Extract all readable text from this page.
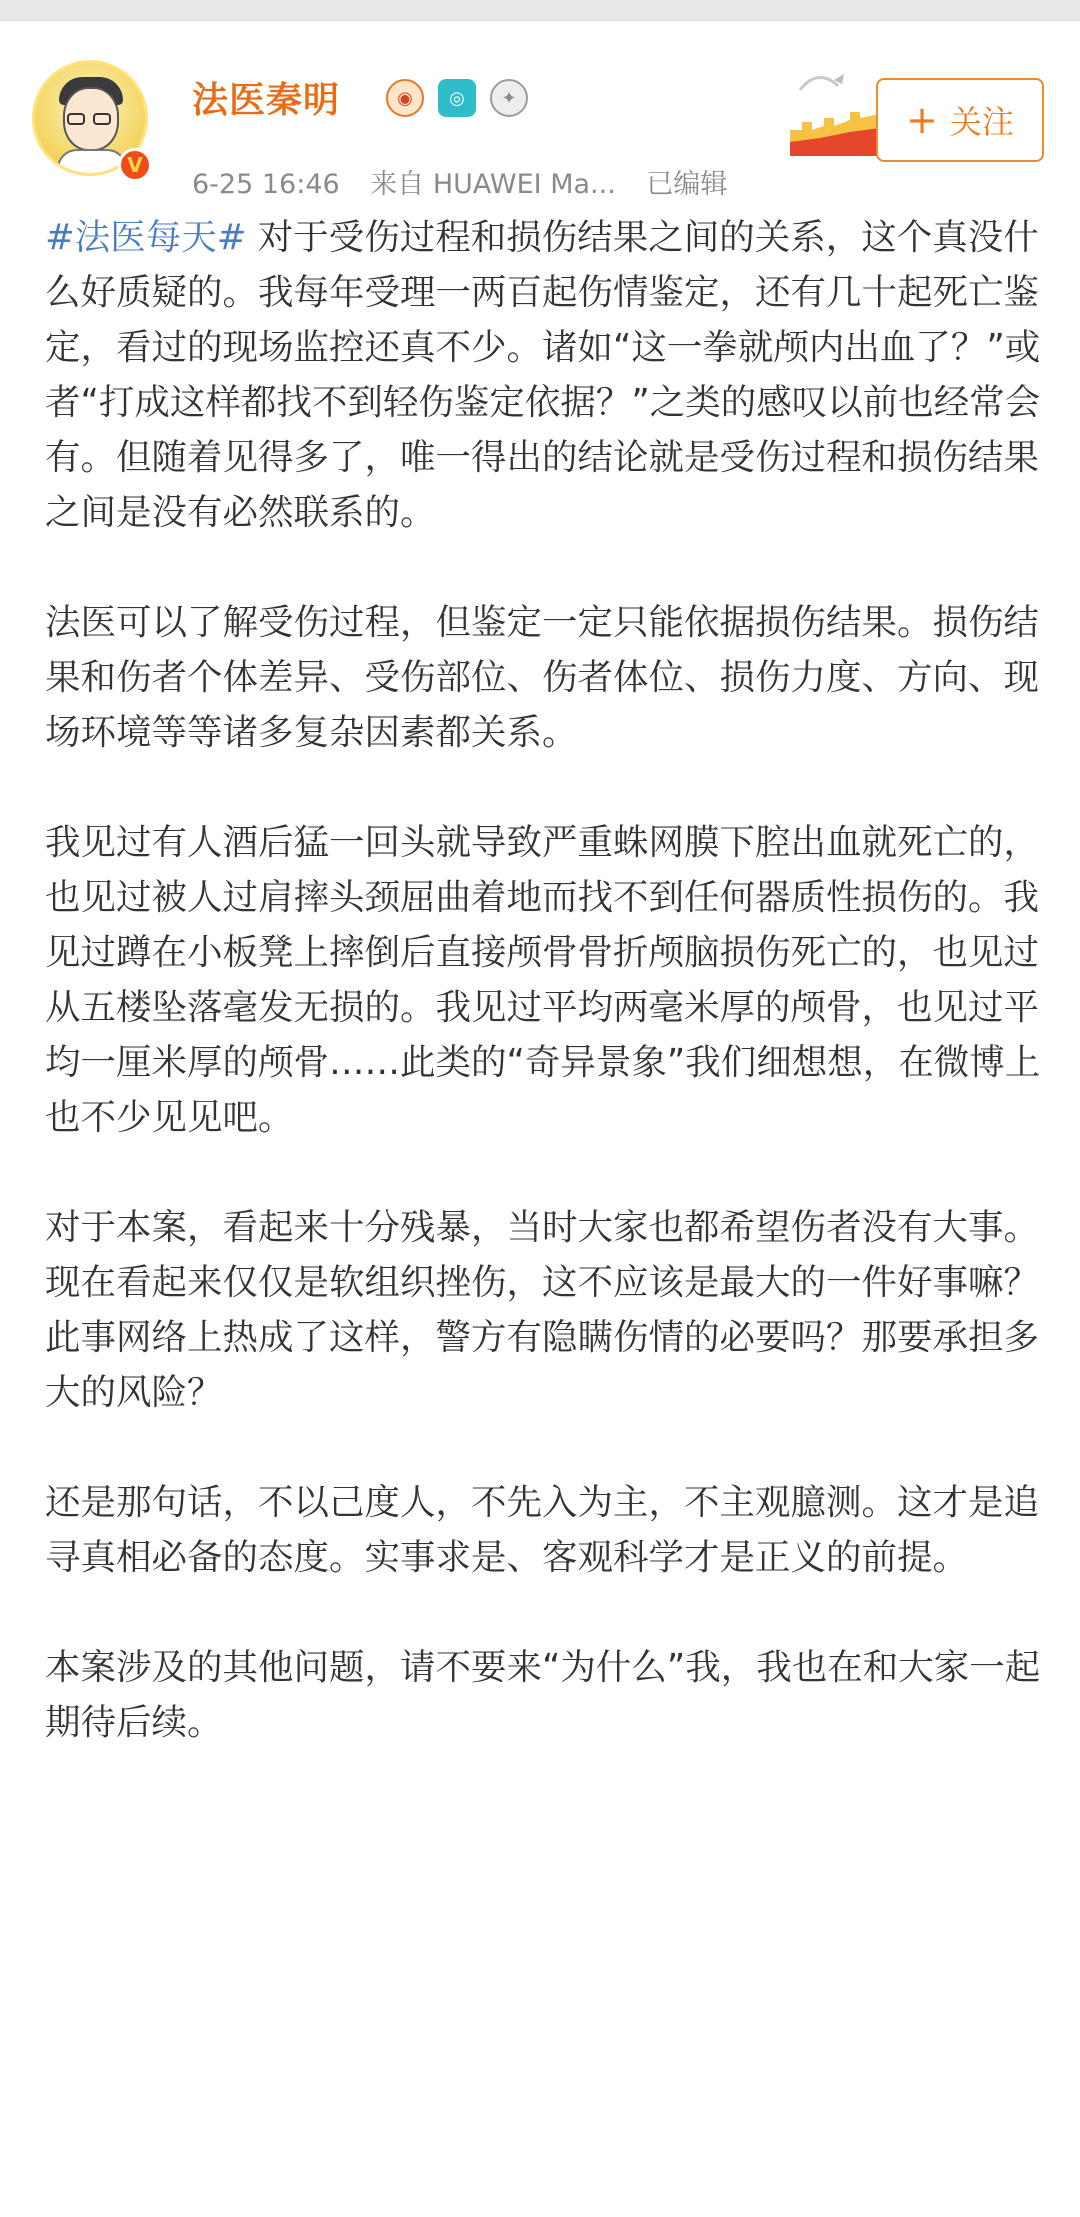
V
法医秦明	◉	◎	✦
6-25 16:46 来自 HUAWEI Ma... 已编辑
+ 关注

#法医每天# 对于受伤过程和损伤结果之间的关系，这个真没什么好质疑的。我每年受理一两百起伤情鉴定，还有几十起死亡鉴定，看过的现场监控还真不少。诸如“这一拳就颅内出血了？”或者“打成这样都找不到轻伤鉴定依据？”之类的感叹以前也经常会有。但随着见得多了，唯一得出的结论就是受伤过程和损伤结果之间是没有必然联系的。

法医可以了解受伤过程，但鉴定一定只能依据损伤结果。损伤结果和伤者个体差异、受伤部位、伤者体位、损伤力度、方向、现场环境等等诸多复杂因素都关系。

我见过有人酒后猛一回头就导致严重蛛网膜下腔出血就死亡的，也见过被人过肩摔头颈屈曲着地而找不到任何器质性损伤的。我见过蹲在小板凳上摔倒后直接颅骨骨折颅脑损伤死亡的，也见过从五楼坠落毫发无损的。我见过平均两毫米厚的颅骨，也见过平均一厘米厚的颅骨……此类的“奇异景象”我们细想想，在微博上也不少见见吧。

对于本案，看起来十分残暴，当时大家也都希望伤者没有大事。现在看起来仅仅是软组织挫伤，这不应该是最大的一件好事嘛？此事网络上热成了这样，警方有隐瞒伤情的必要吗？那要承担多大的风险？

还是那句话，不以己度人，不先入为主，不主观臆测。这才是追寻真相必备的态度。实事求是、客观科学才是正义的前提。

本案涉及的其他问题，请不要来“为什么”我，我也在和大家一起期待后续。
